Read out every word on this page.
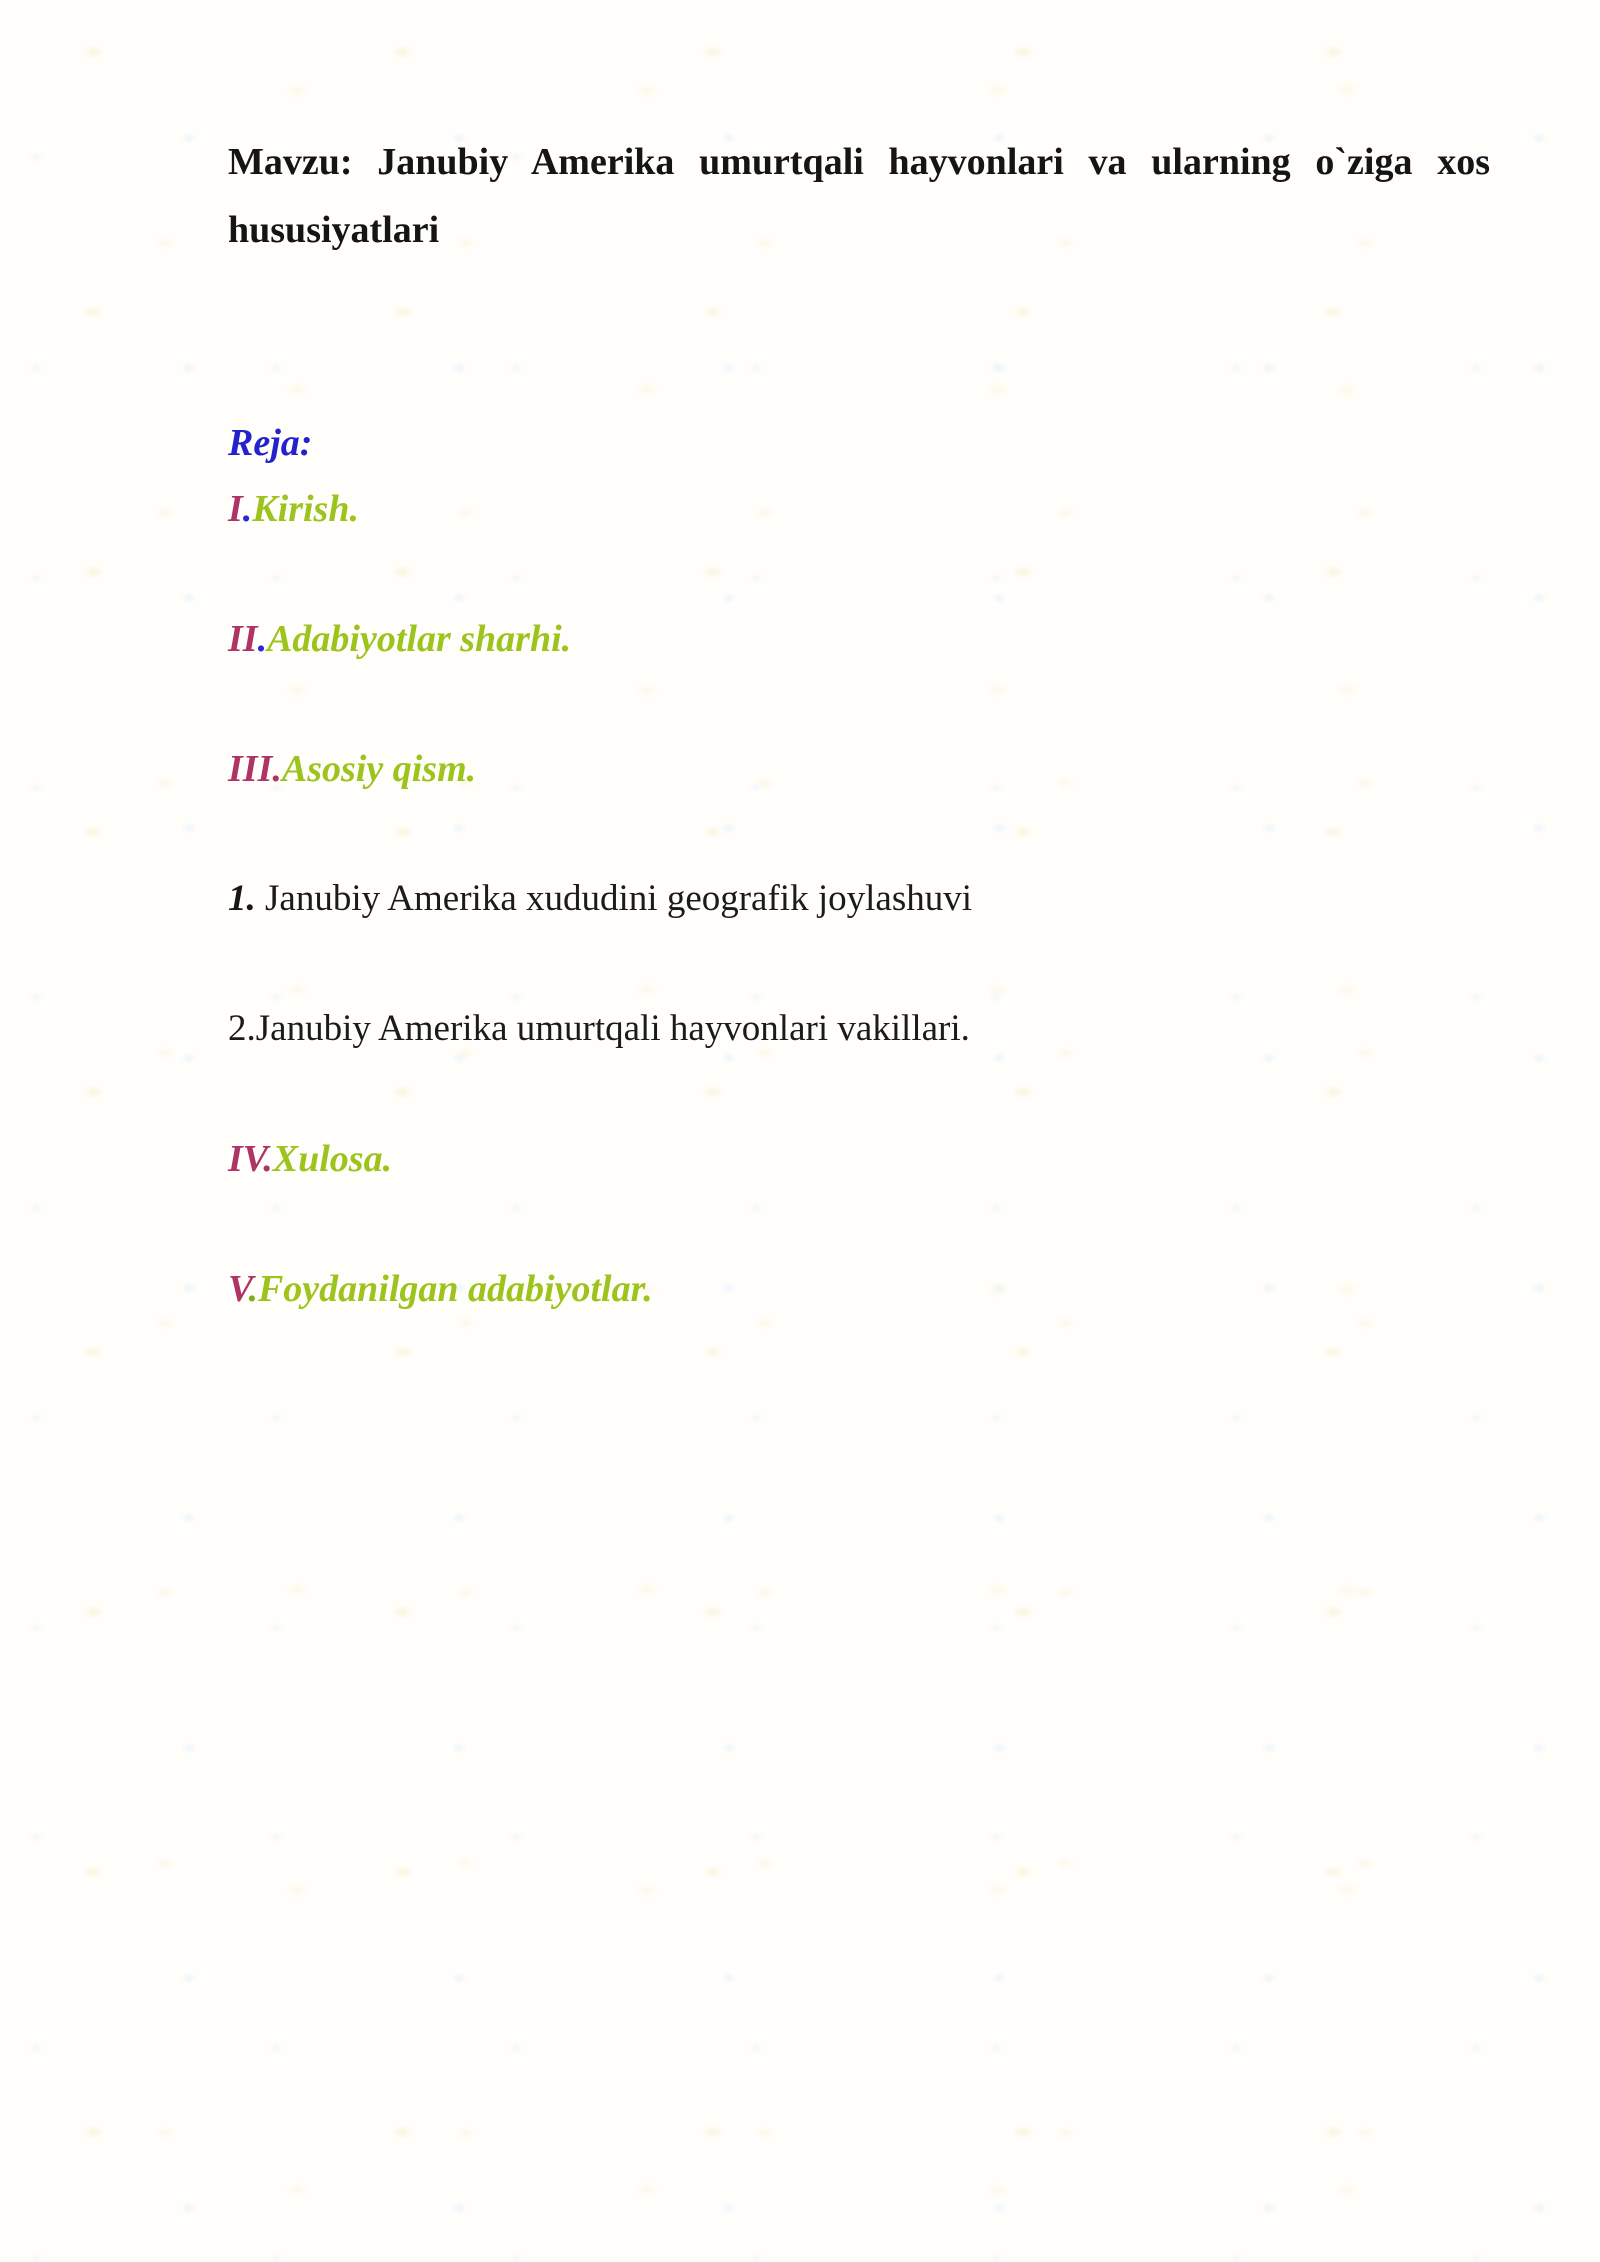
Mavzu: Janubiy Amerika umurtqali hayvonlari va ularning o`ziga xos
hususiyatlari
Reja:
I.Kirish.
II.Adabiyotlar sharhi.
III.Asosiy qism.
1. Janubiy Amerika xududini geografik joylashuvi
2.Janubiy Amerika umurtqali hayvonlari vakillari.
IV.Xulosa.
V.Foydanilgan adabiyotlar.
